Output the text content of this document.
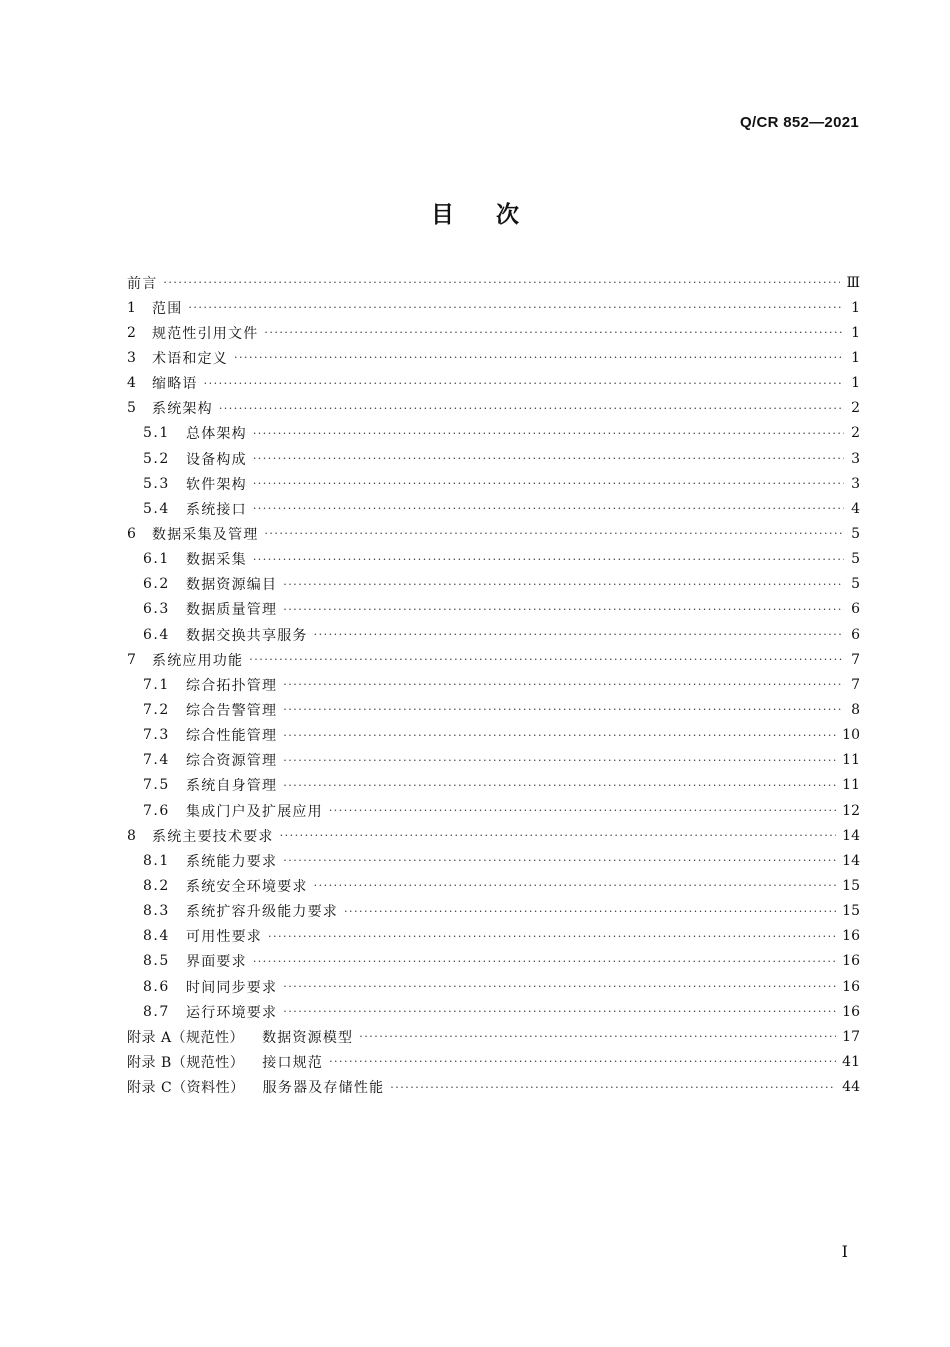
Q/CR 852—2021
目 次
前言 ·····	Ⅲ
1	范围 ·····	1
2	规范性引用文件 ·····	1
3	术语和定义 ·····	1
4	缩略语 ·····	1
5	系统架构 ·····	2
5.1	总体架构 ·····	2
5.2	设备构成 ·····	3
5.3	软件架构 ·····	3
5.4	系统接口 ·····	4
6	数据采集及管理 ·····	5
6.1	数据采集 ·····	5
6.2	数据资源编目 ·····	5
6.3	数据质量管理 ·····	6
6.4	数据交换共享服务 ·····	6
7	系统应用功能 ·····	7
7.1	综合拓扑管理 ·····	7
7.2	综合告警管理 ·····	8
7.3	综合性能管理 ·····	10
7.4	综合资源管理 ·····	11
7.5	系统自身管理 ·····	11
7.6	集成门户及扩展应用 ·····	12
8	系统主要技术要求 ·····	14
8.1	系统能力要求 ·····	14
8.2	系统安全环境要求 ·····	15
8.3	系统扩容升级能力要求 ·····	15
8.4	可用性要求 ·····	16
8.5	界面要求 ·····	16
8.6	时间同步要求 ·····	16
8.7	运行环境要求 ·····	16
附录 A（规范性） 数据资源模型 ·····	17
附录 B（规范性） 接口规范 ·····	41
附录 C（资料性） 服务器及存储性能 ·····	44
I
